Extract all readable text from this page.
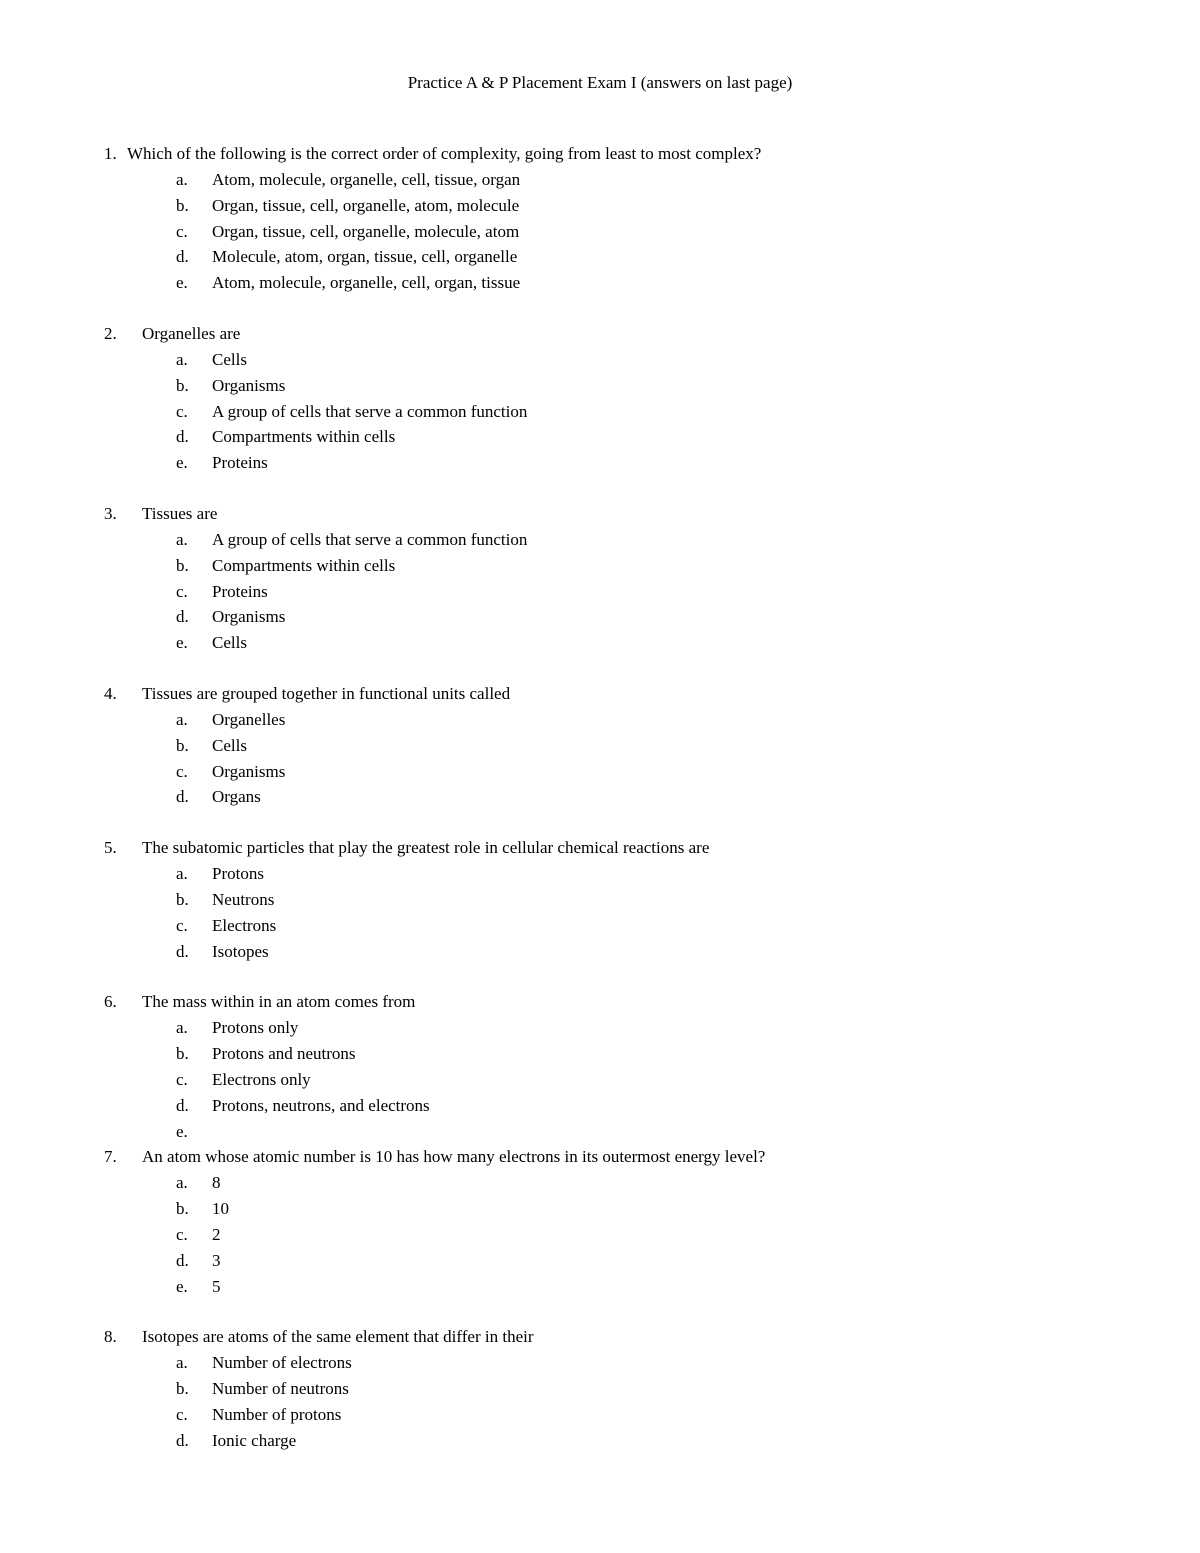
Practice A & P Placement Exam I (answers on last page)
1. Which of the following is the correct order of complexity, going from least to most complex?
a. Atom, molecule, organelle, cell, tissue, organ
b. Organ, tissue, cell, organelle, atom, molecule
c. Organ, tissue, cell, organelle, molecule, atom
d. Molecule, atom, organ, tissue, cell, organelle
e. Atom, molecule, organelle, cell, organ, tissue
2. Organelles are
a. Cells
b. Organisms
c. A group of cells that serve a common function
d. Compartments within cells
e. Proteins
3. Tissues are
a. A group of cells that serve a common function
b. Compartments within cells
c. Proteins
d. Organisms
e. Cells
4. Tissues are grouped together in functional units called
a. Organelles
b. Cells
c. Organisms
d. Organs
5. The subatomic particles that play the greatest role in cellular chemical reactions are
a. Protons
b. Neutrons
c. Electrons
d. Isotopes
6. The mass within in an atom comes from
a. Protons only
b. Protons and neutrons
c. Electrons only
d. Protons, neutrons, and electrons
e.
7. An atom whose atomic number is 10 has how many electrons in its outermost energy level?
a. 8
b. 10
c. 2
d. 3
e. 5
8. Isotopes are atoms of the same element that differ in their
a. Number of electrons
b. Number of neutrons
c. Number of protons
d. Ionic charge
